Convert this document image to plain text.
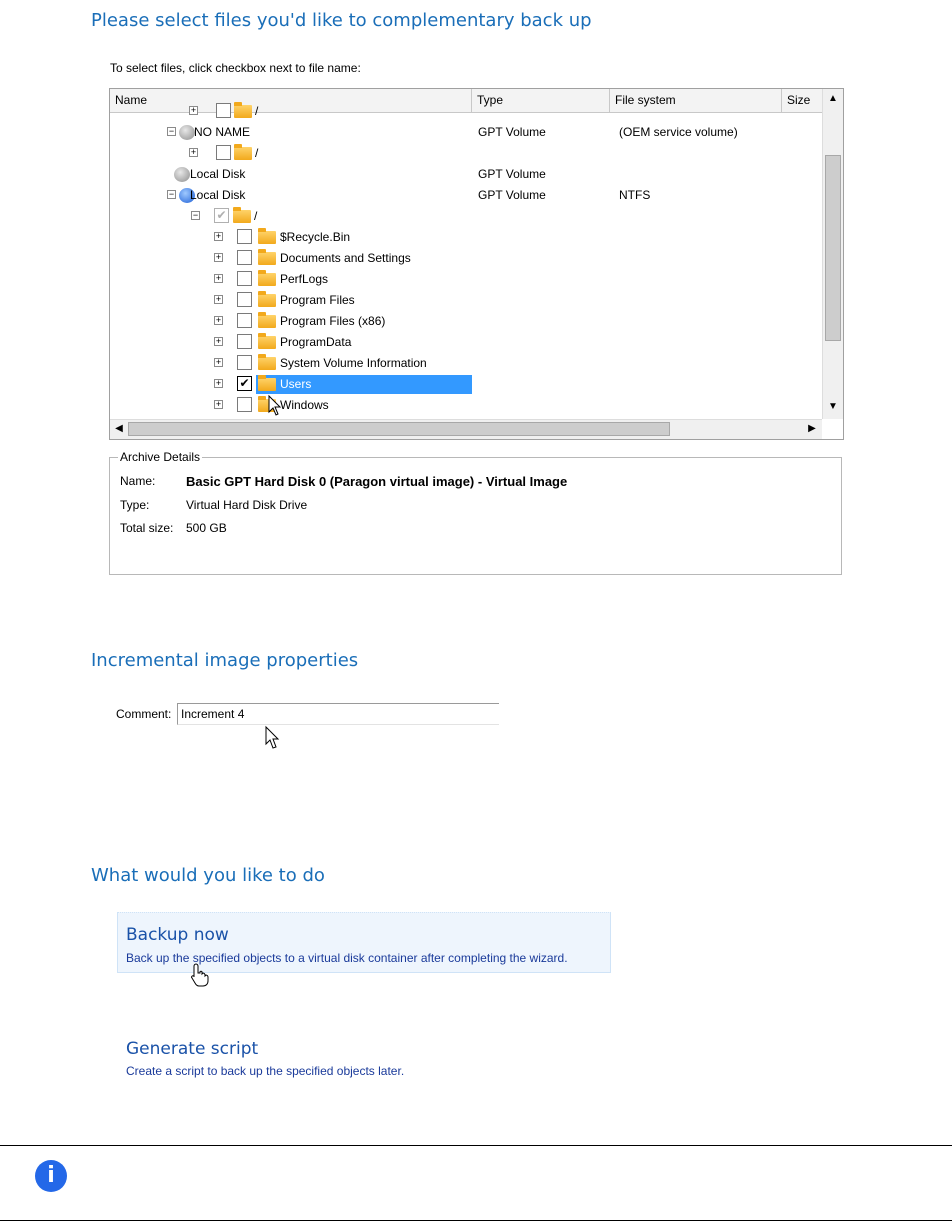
Please select files you'd like to complementary back up
To select files, click checkbox next to file name:
Name	Type	File system	Size
+	/
− NO NAME	GPT Volume	(OEM service volume)
+	/
Local Disk	GPT Volume
− Local Disk	GPT Volume	NTFS
− ✔ /
+	$Recycle.Bin
+	Documents and Settings
+	PerfLogs
+	Program Files
+	Program Files (x86)
+	ProgramData
+	System Volume Information
+ ✔	Users
+	Windows
▲
▼
◀	▶
Archive Details
Name: Basic GPT Hard Disk 0 (Paragon virtual image) - Virtual Image
Type:	Virtual Hard Disk Drive
Total size: 500 GB
Incremental image properties
Comment:
Increment 4
What would you like to do
Backup now
Back up the specified objects to a virtual disk container after completing the wizard.
Generate script
Create a script to back up the specified objects later.
i
